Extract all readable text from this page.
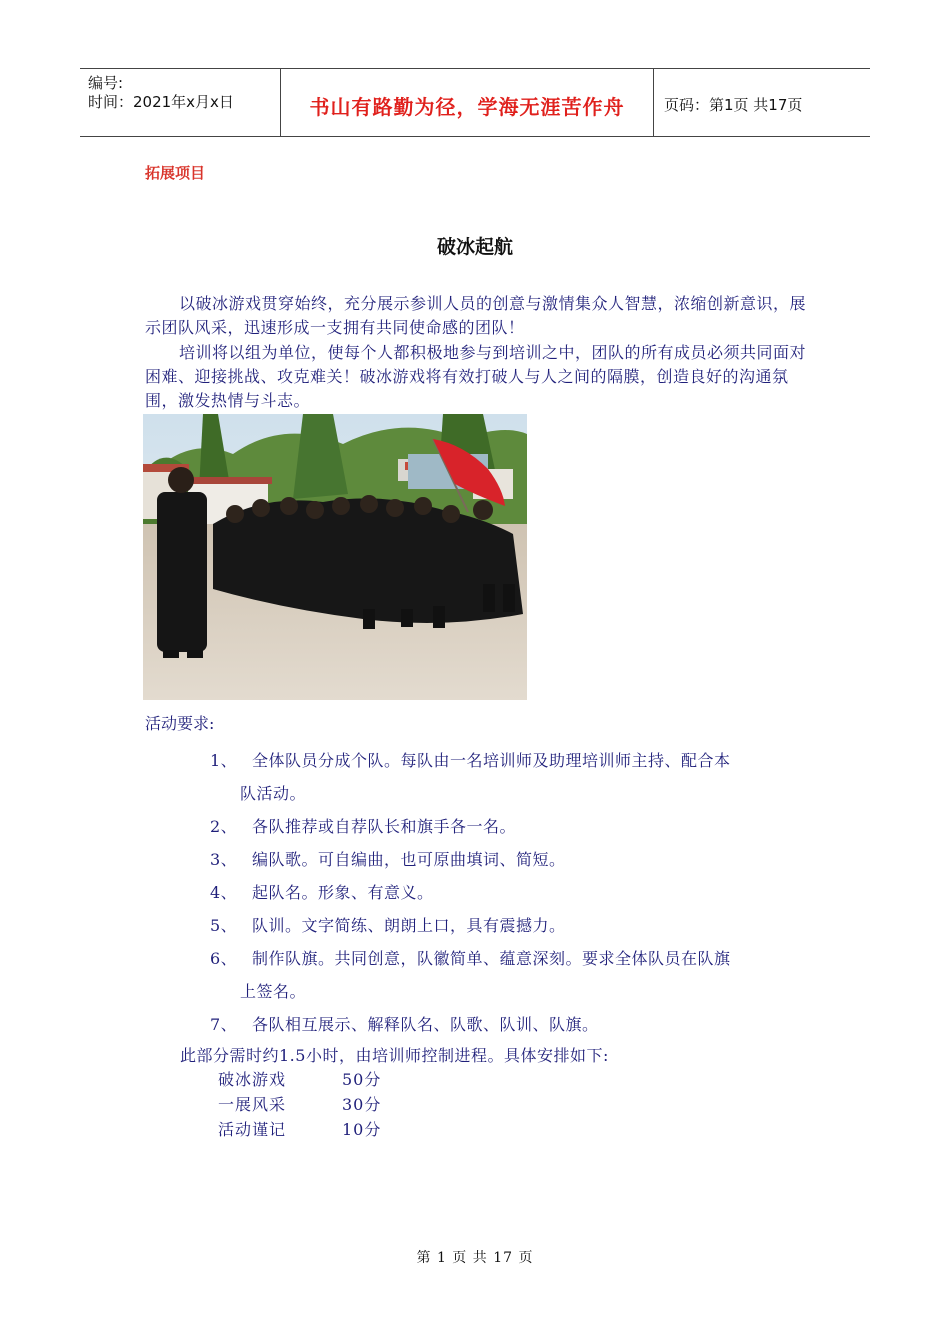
编号:
时间：2021年x月x日	书山有路勤为径，学海无涯苦作舟	页码：第1页 共17页
拓展项目
破冰起航
以破冰游戏贯穿始终，充分展示参训人员的创意与激情集众人智慧，浓缩创新意识，展示团队风采，迅速形成一支拥有共同使命感的团队！
培训将以组为单位，使每个人都积极地参与到培训之中，团队的所有成员必须共同面对困难、迎接挑战、攻克难关！破冰游戏将有效打破人与人之间的隔膜，创造良好的沟通氛围，激发热情与斗志。
活动要求:
1、 全体队员分成个队。每队由一名培训师及助理培训师主持、配合本
队活动。
2、 各队推荐或自荐队长和旗手各一名。
3、 编队歌。可自编曲，也可原曲填词、简短。
4、 起队名。形象、有意义。
5、 队训。文字简练、朗朗上口，具有震撼力。
6、 制作队旗。共同创意，队徽简单、蕴意深刻。要求全体队员在队旗
上签名。
7、 各队相互展示、解释队名、队歌、队训、队旗。
此部分需时约1.5小时，由培训师控制进程。具体安排如下:
破冰游戏	50分
一展风采	30分
活动谨记	10分
第 1 页 共 17 页
